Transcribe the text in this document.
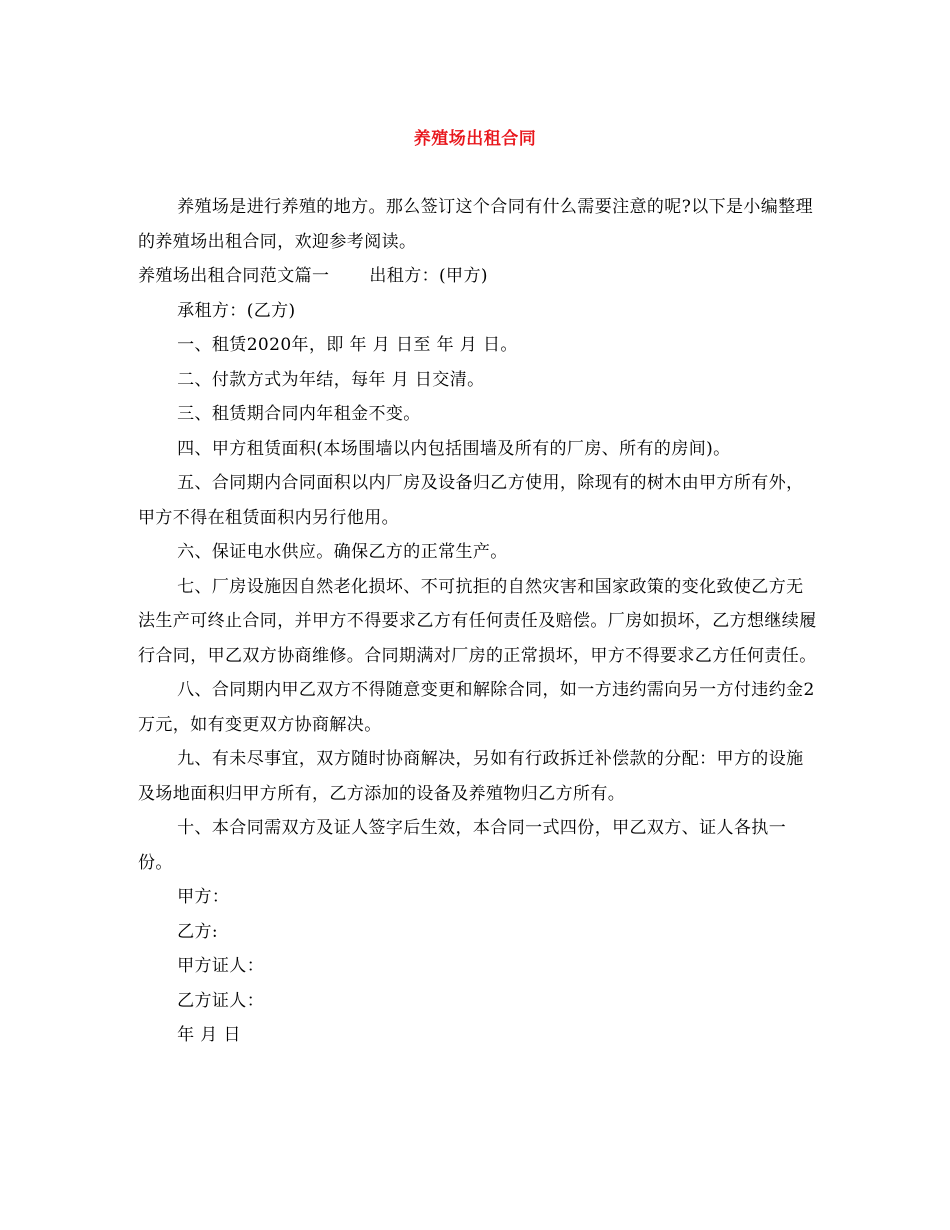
养殖场出租合同

养殖场是进行养殖的地方。那么签订这个合同有什么需要注意的呢?以下是小编整理的养殖场出租合同，欢迎参考阅读。

养殖场出租合同范文篇一 出租方：(甲方)

承租方：(乙方)

一、租赁2020年，即 年 月 日至 年 月 日。

二、付款方式为年结，每年 月 日交清。

三、租赁期合同内年租金不变。

四、甲方租赁面积(本场围墙以内包括围墙及所有的厂房、所有的房间)。

五、合同期内合同面积以内厂房及设备归乙方使用，除现有的树木由甲方所有外，甲方不得在租赁面积内另行他用。

六、保证电水供应。确保乙方的正常生产。

七、厂房设施因自然老化损坏、不可抗拒的自然灾害和国家政策的变化致使乙方无法生产可终止合同，并甲方不得要求乙方有任何责任及赔偿。厂房如损坏，乙方想继续履行合同，甲乙双方协商维修。合同期满对厂房的正常损坏，甲方不得要求乙方任何责任。

八、合同期内甲乙双方不得随意变更和解除合同，如一方违约需向另一方付违约金2万元，如有变更双方协商解决。

九、有未尽事宜，双方随时协商解决，另如有行政拆迁补偿款的分配：甲方的设施及场地面积归甲方所有，乙方添加的设备及养殖物归乙方所有。

十、本合同需双方及证人签字后生效，本合同一式四份，甲乙双方、证人各执一份。

甲方：

乙方:

甲方证人：

乙方证人：

年 月 日
